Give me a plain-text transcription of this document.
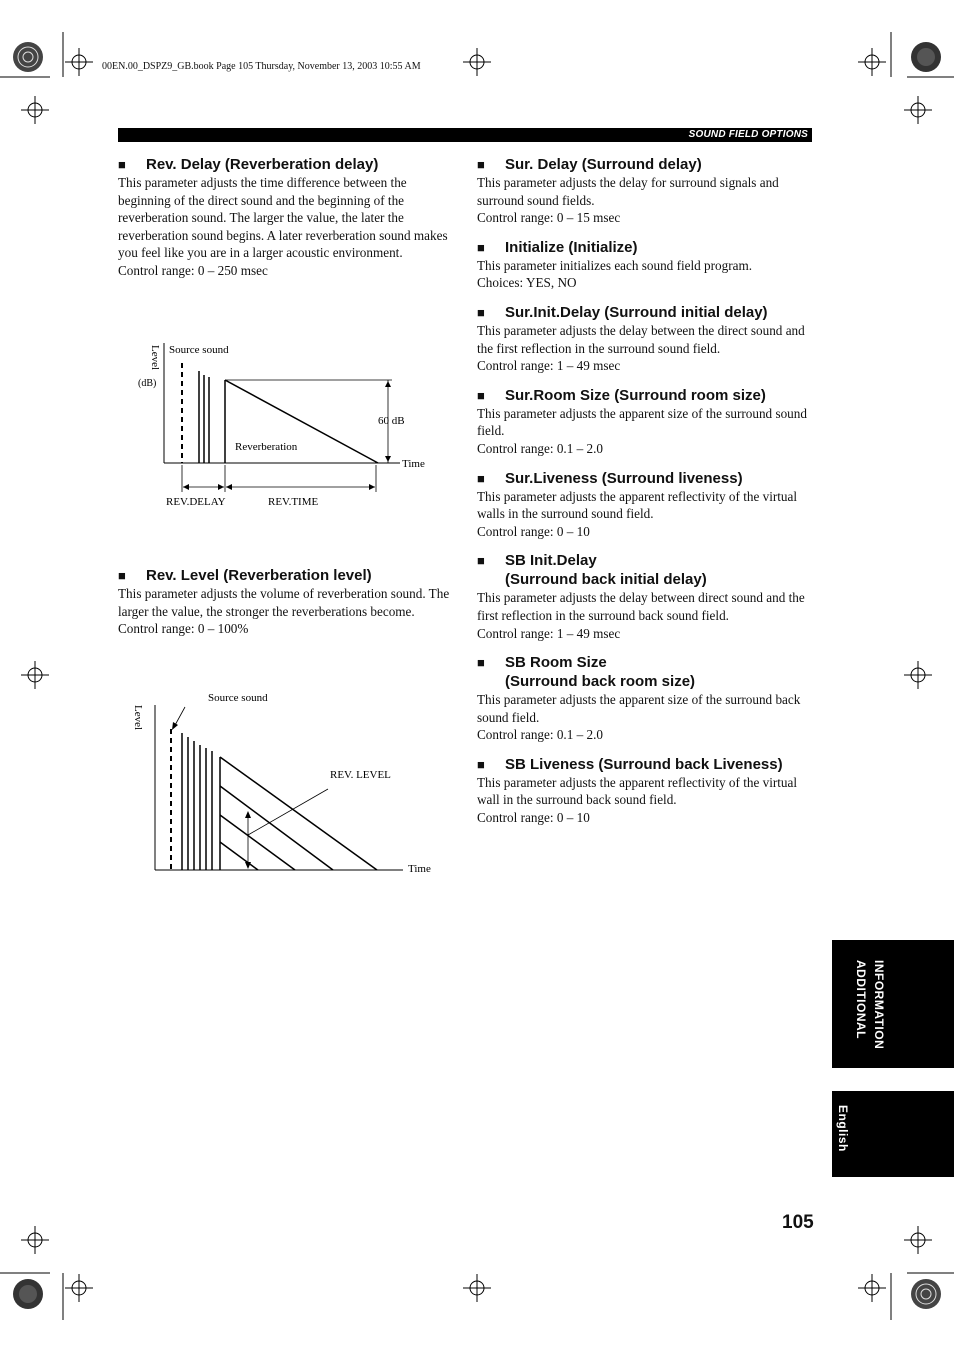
00EN.00_DSPZ9_GB.book Page 105 Thursday, November 13, 2003 10:55 AM
SOUND FIELD OPTIONS
■	Rev. Delay (Reverberation delay)

This parameter adjusts the time difference between the beginning of the direct sound and the beginning of the reverberation sound. The larger the value, the later the reverberation sound begins. A later reverberation sound makes you feel like you are in a larger acoustic environment.

Control range: 0 – 250 msec

Level
(dB)
Source sound
Reverberation
60 dB
Time
REV.DELAY	REV.TIME
■	Rev. Level (Reverberation level)

This parameter adjusts the volume of reverberation sound. The larger the value, the stronger the reverberations become.

Control range: 0 – 100%

Level
Source sound
REV. LEVEL
Time
■	Sur. Delay (Surround delay)

This parameter adjusts the delay for surround signals and surround sound fields.

Control range: 0 – 15 msec

■	Initialize (Initialize)

This parameter initializes each sound field program.

Choices: YES, NO

■	Sur.Init.Delay (Surround initial delay)

This parameter adjusts the delay between the direct sound and the first reflection in the surround sound field.

Control range: 1 – 49 msec

■	Sur.Room Size (Surround room size)

This parameter adjusts the apparent size of the surround sound field.

Control range: 0.1 – 2.0

■	Sur.Liveness (Surround liveness)

This parameter adjusts the apparent reflectivity of the virtual walls in the surround sound field.

Control range: 0 – 10

■	SB Init.Delay
(Surround back initial delay)

This parameter adjusts the delay between direct sound and the first reflection in the surround back sound field.

Control range: 1 – 49 msec

■	SB Room Size
(Surround back room size)

This parameter adjusts the apparent size of the surround back sound field.

Control range: 0.1 – 2.0

■	SB Liveness (Surround back Liveness)

This parameter adjusts the apparent reflectivity of the virtual wall in the surround back sound field.

Control range: 0 – 10

INFORMATION
ADDITIONAL
English
105
